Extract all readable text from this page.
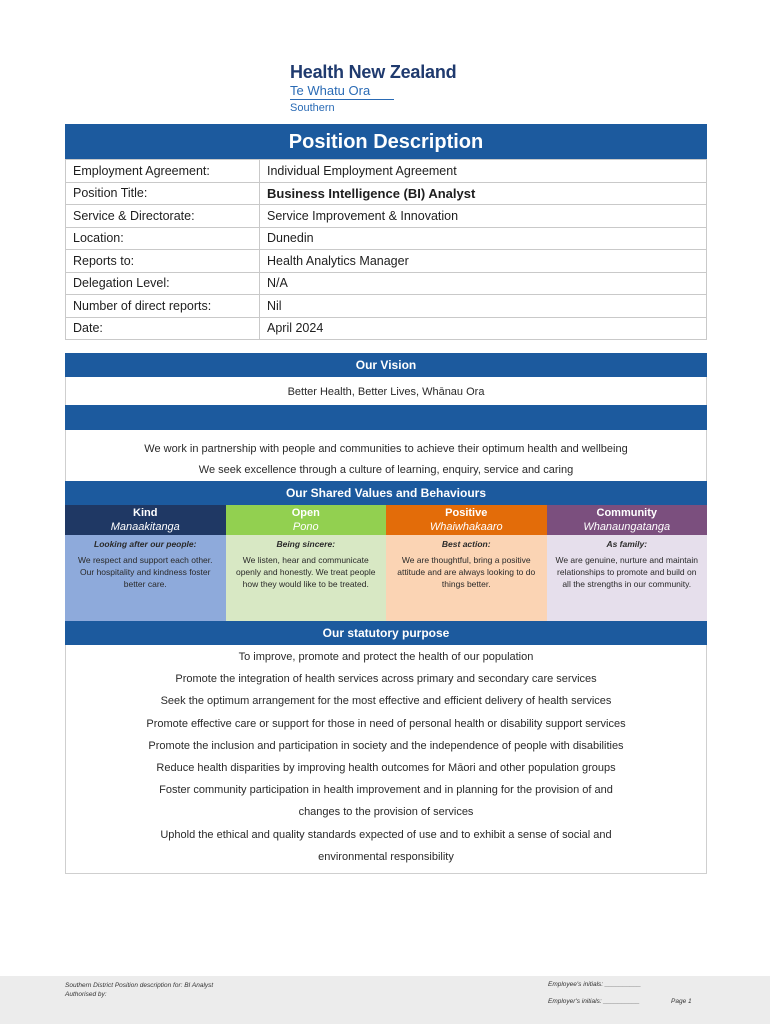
Health New Zealand
Te Whatu Ora
Southern
Position Description
Employment Agreement:	Individual Employment Agreement
Position Title:	Business Intelligence (BI) Analyst
Service & Directorate:	Service Improvement & Innovation
Location:	Dunedin
Reports to:	Health Analytics Manager
Delegation Level:	N/A
Number of direct reports:	Nil
Date:	April 2024
Our Vision
Better Health, Better Lives, Whānau Ora
We work in partnership with people and communities to achieve their optimum health and wellbeing
We seek excellence through a culture of learning, enquiry, service and caring
Our Shared Values and Behaviours
Kind
Manaakitanga
Looking after our people:
We respect and support each other. Our hospitality and kindness foster better care.
Open
Pono
Being sincere:
We listen, hear and communicate openly and honestly. We treat people how they would like to be treated.
Positive
Whaiwhakaaro
Best action:
We are thoughtful, bring a positive attitude and are always looking to do things better.
Community
Whanaungatanga
As family:
We are genuine, nurture and maintain relationships to promote and build on all the strengths in our community.
Our statutory purpose
To improve, promote and protect the health of our population
Promote the integration of health services across primary and secondary care services
Seek the optimum arrangement for the most effective and efficient delivery of health services
Promote effective care or support for those in need of personal health or disability support services
Promote the inclusion and participation in society and the independence of people with disabilities
Reduce health disparities by improving health outcomes for Māori and other population groups
Foster community participation in health improvement and in planning for the provision of and
changes to the provision of services
Uphold the ethical and quality standards expected of use and to exhibit a sense of social and
environmental responsibility
Southern District Position description for: BI Analyst
Authorised by:
Employee's initials: __________
Employer's initials: __________	Page 1
